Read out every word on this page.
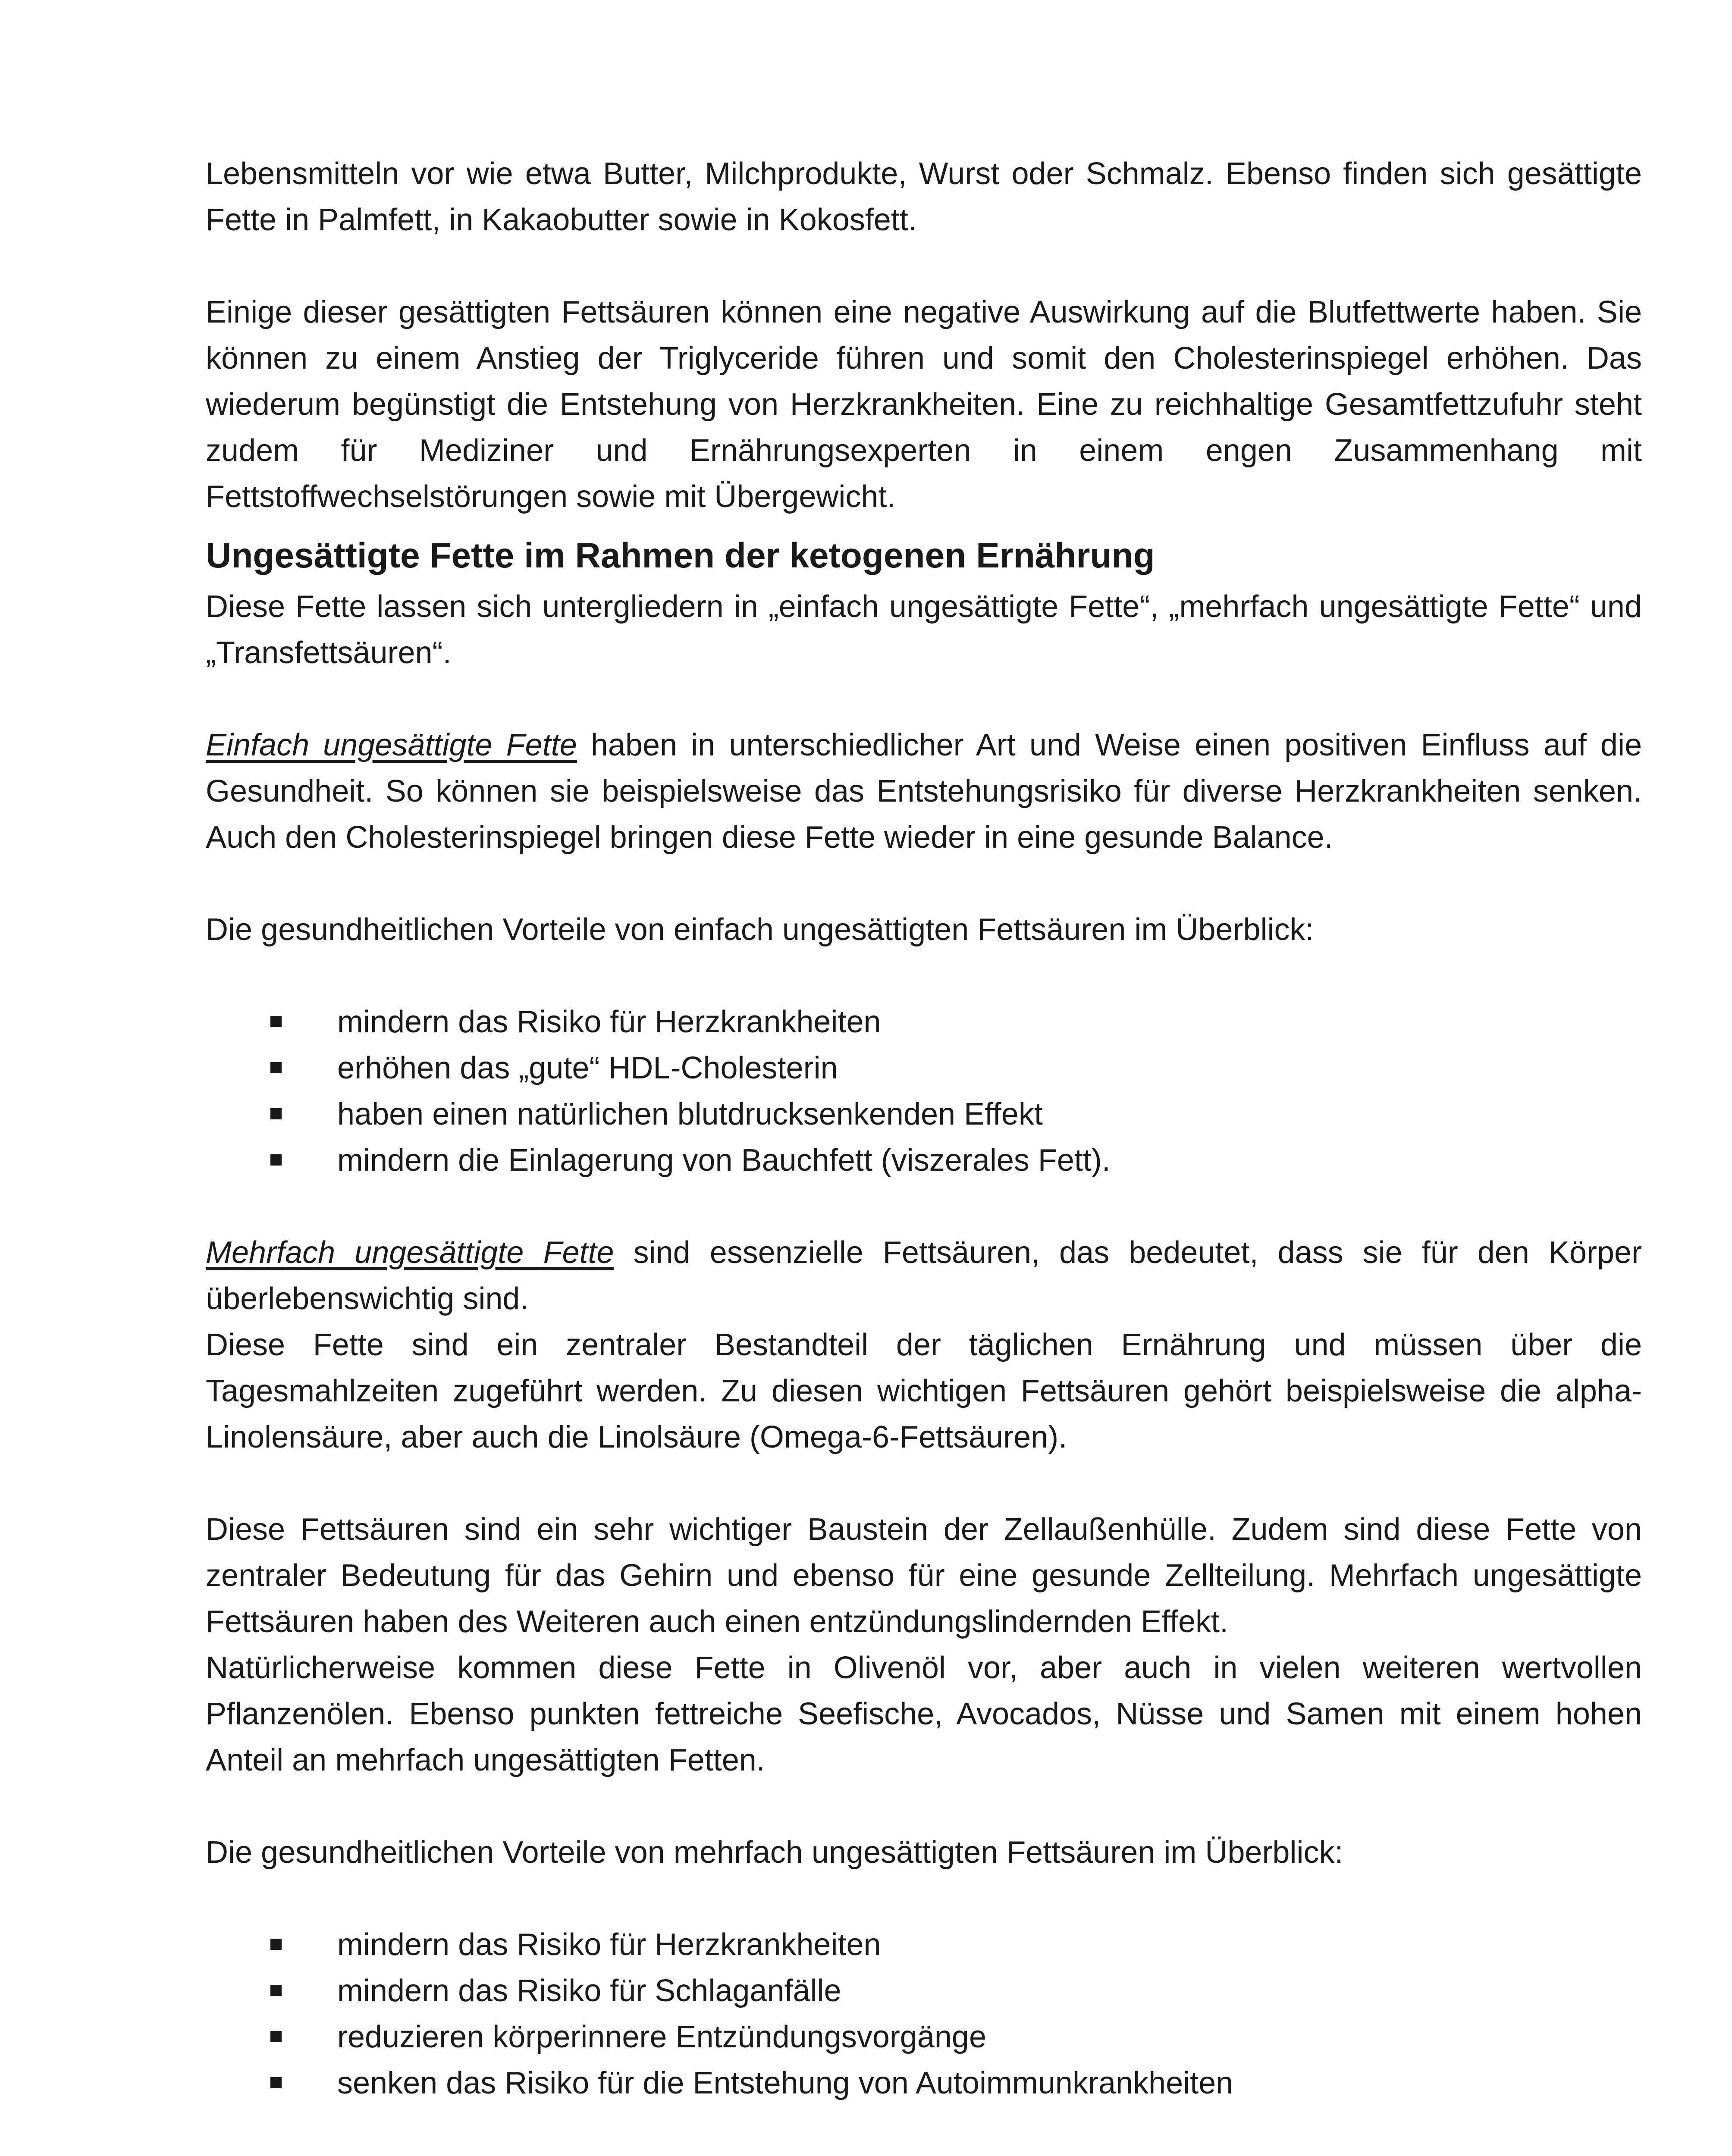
Lebensmitteln vor wie etwa Butter, Milchprodukte, Wurst oder Schmalz. Ebenso finden sich gesättigte Fette in Palmfett, in Kakaobutter sowie in Kokosfett.

Einige dieser gesättigten Fettsäuren können eine negative Auswirkung auf die Blutfettwerte haben. Sie können zu einem Anstieg der Triglyceride führen und somit den Cholesterinspiegel erhöhen. Das wiederum begünstigt die Entstehung von Herzkrankheiten. Eine zu reichhaltige Gesamtfettzufuhr steht zudem für Mediziner und Ernährungsexperten in einem engen Zusammenhang mit Fettstoffwechselstörungen sowie mit Übergewicht.

Ungesättigte Fette im Rahmen der ketogenen Ernährung

Diese Fette lassen sich untergliedern in „einfach ungesättigte Fette“, „mehrfach ungesättigte Fette“ und „Transfettsäuren“.

Einfach ungesättigte Fette haben in unterschiedlicher Art und Weise einen positiven Einfluss auf die Gesundheit. So können sie beispielsweise das Entstehungsrisiko für diverse Herzkrankheiten senken. Auch den Cholesterinspiegel bringen diese Fette wieder in eine gesunde Balance.

Die gesundheitlichen Vorteile von einfach ungesättigten Fettsäuren im Überblick:

mindern das Risiko für Herzkrankheiten
erhöhen das „gute“ HDL-Cholesterin
haben einen natürlichen blutdrucksenkenden Effekt
mindern die Einlagerung von Bauchfett (viszerales Fett).

Mehrfach ungesättigte Fette sind essenzielle Fettsäuren, das bedeutet, dass sie für den Körper überlebenswichtig sind.

Diese Fette sind ein zentraler Bestandteil der täglichen Ernährung und müssen über die Tagesmahlzeiten zugeführt werden. Zu diesen wichtigen Fettsäuren gehört beispielsweise die alpha-Linolensäure, aber auch die Linolsäure (Omega-6-Fettsäuren).

Diese Fettsäuren sind ein sehr wichtiger Baustein der Zellaußenhülle. Zudem sind diese Fette von zentraler Bedeutung für das Gehirn und ebenso für eine gesunde Zellteilung. Mehrfach ungesättigte Fettsäuren haben des Weiteren auch einen entzündungslindernden Effekt.

Natürlicherweise kommen diese Fette in Olivenöl vor, aber auch in vielen weiteren wertvollen Pflanzenölen. Ebenso punkten fettreiche Seefische, Avocados, Nüsse und Samen mit einem hohen Anteil an mehrfach ungesättigten Fetten.

Die gesundheitlichen Vorteile von mehrfach ungesättigten Fettsäuren im Überblick:

mindern das Risiko für Herzkrankheiten
mindern das Risiko für Schlaganfälle
reduzieren körperinnere Entzündungsvorgänge
senken das Risiko für die Entstehung von Autoimmunkrankheiten
